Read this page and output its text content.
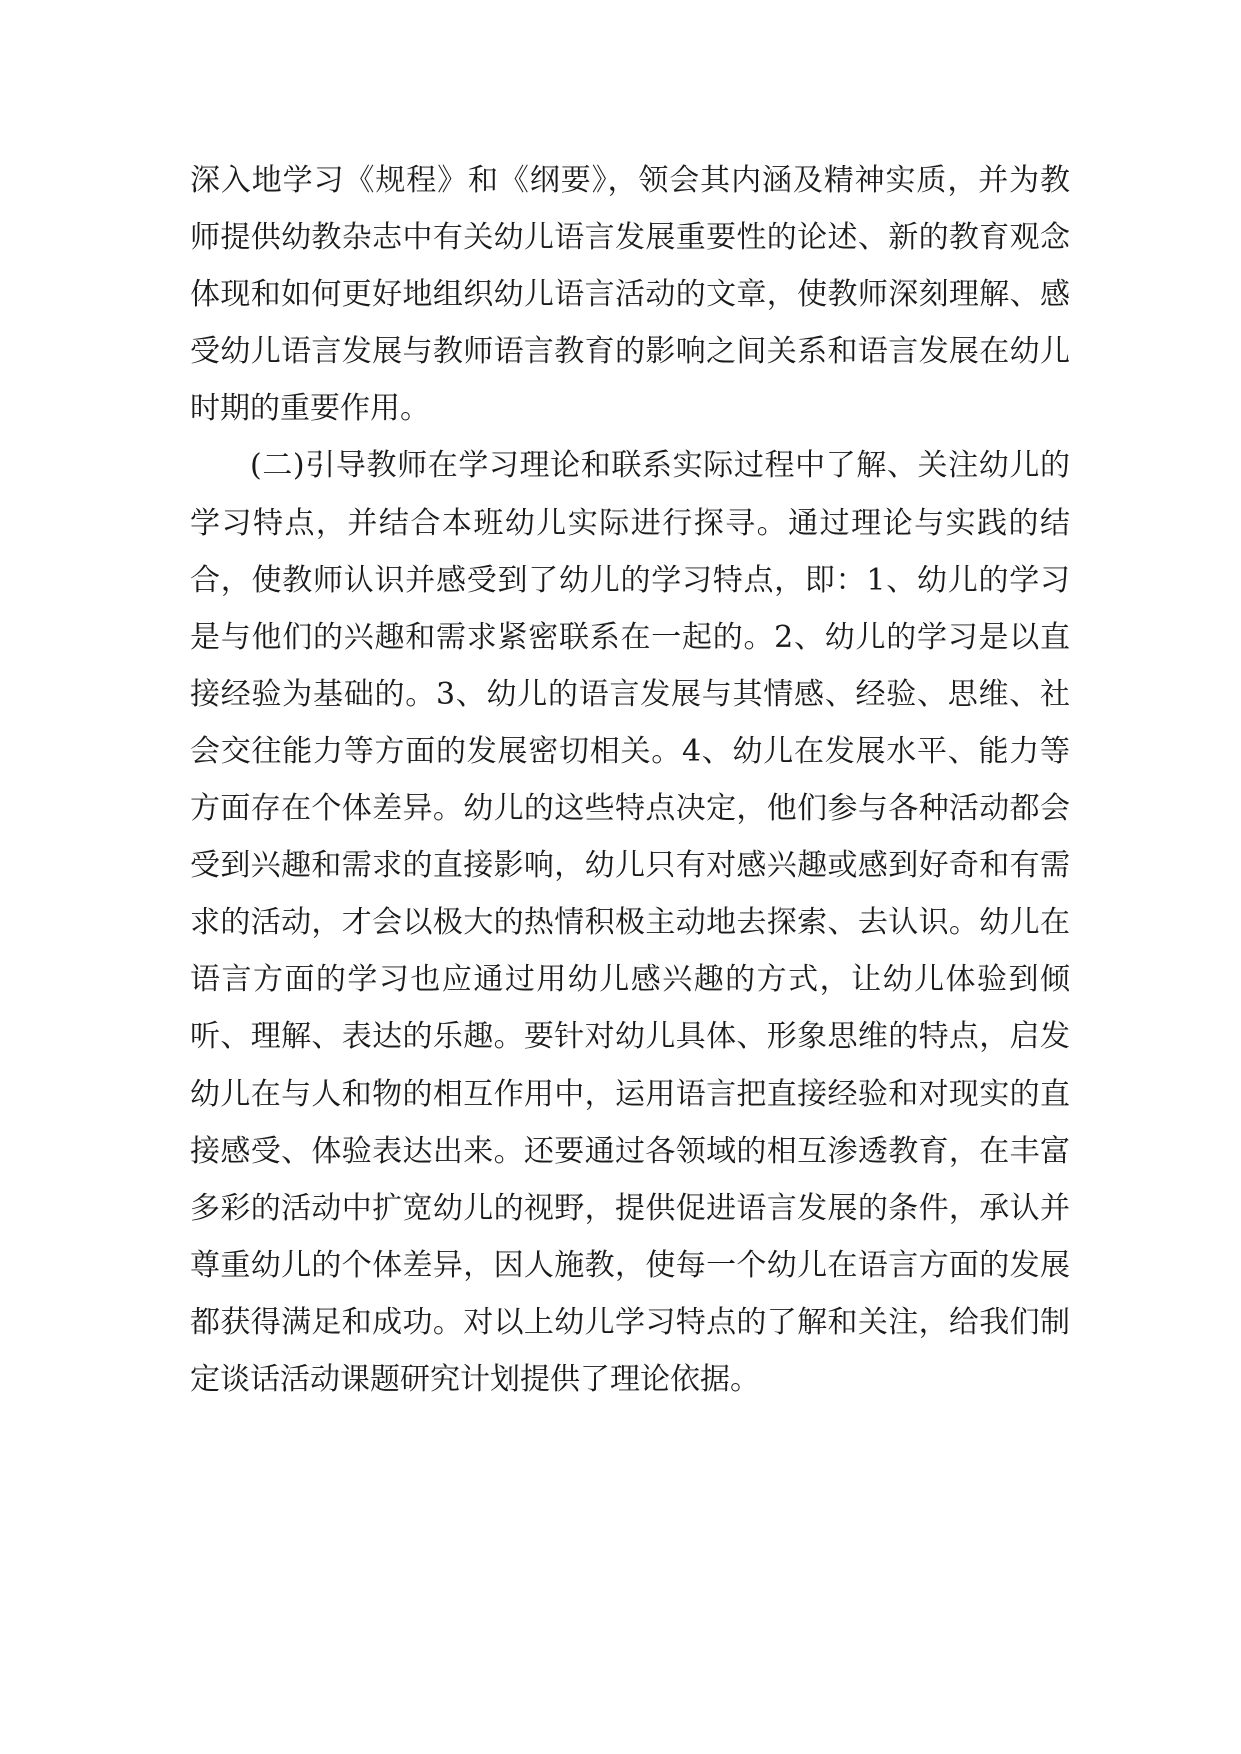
深入地学习《规程》和《纲要》，领会其内涵及精神实质，并为教师提供幼教杂志中有关幼儿语言发展重要性的论述、新的教育观念体现和如何更好地组织幼儿语言活动的文章，使教师深刻理解、感受幼儿语言发展与教师语言教育的影响之间关系和语言发展在幼儿时期的重要作用。

(二)引导教师在学习理论和联系实际过程中了解、关注幼儿的学习特点，并结合本班幼儿实际进行探寻。通过理论与实践的结合，使教师认识并感受到了幼儿的学习特点，即：1、幼儿的学习是与他们的兴趣和需求紧密联系在一起的。2、幼儿的学习是以直接经验为基础的。3、幼儿的语言发展与其情感、经验、思维、社会交往能力等方面的发展密切相关。4、幼儿在发展水平、能力等方面存在个体差异。幼儿的这些特点决定，他们参与各种活动都会受到兴趣和需求的直接影响，幼儿只有对感兴趣或感到好奇和有需求的活动，才会以极大的热情积极主动地去探索、去认识。幼儿在语言方面的学习也应通过用幼儿感兴趣的方式，让幼儿体验到倾听、理解、表达的乐趣。要针对幼儿具体、形象思维的特点，启发幼儿在与人和物的相互作用中，运用语言把直接经验和对现实的直接感受、体验表达出来。还要通过各领域的相互渗透教育，在丰富多彩的活动中扩宽幼儿的视野，提供促进语言发展的条件，承认并尊重幼儿的个体差异，因人施教，使每一个幼儿在语言方面的发展都获得满足和成功。对以上幼儿学习特点的了解和关注，给我们制定谈话活动课题研究计划提供了理论依据。
